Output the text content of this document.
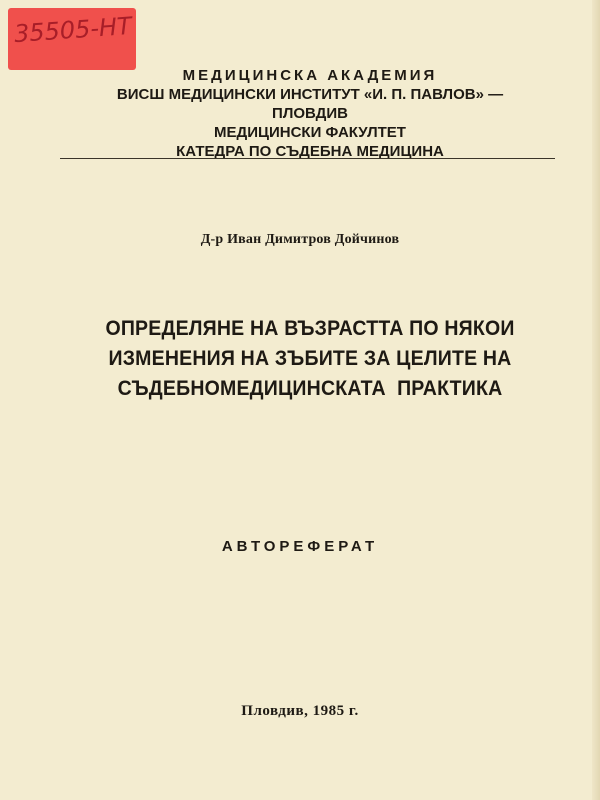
35505-НТ
МЕДИЦИНСКА АКАДЕМИЯ
ВИСШ МЕДИЦИНСКИ ИНСТИТУТ «И. П. ПАВЛОВ» —
ПЛОВДИВ
МЕДИЦИНСКИ ФАКУЛТЕТ
КАТЕДРА ПО СЪДЕБНА МЕДИЦИНА
Д-р Иван Димитров Дойчинов
ОПРЕДЕЛЯНЕ НА ВЪЗРАСТТА ПО НЯКОИ
ИЗМЕНЕНИЯ НА ЗЪБИТЕ ЗА ЦЕЛИТЕ НА
СЪДЕБНОМЕДИЦИНСКАТА  ПРАКТИКА
АВТОРЕФЕРАТ
Пловдив, 1985 г.
